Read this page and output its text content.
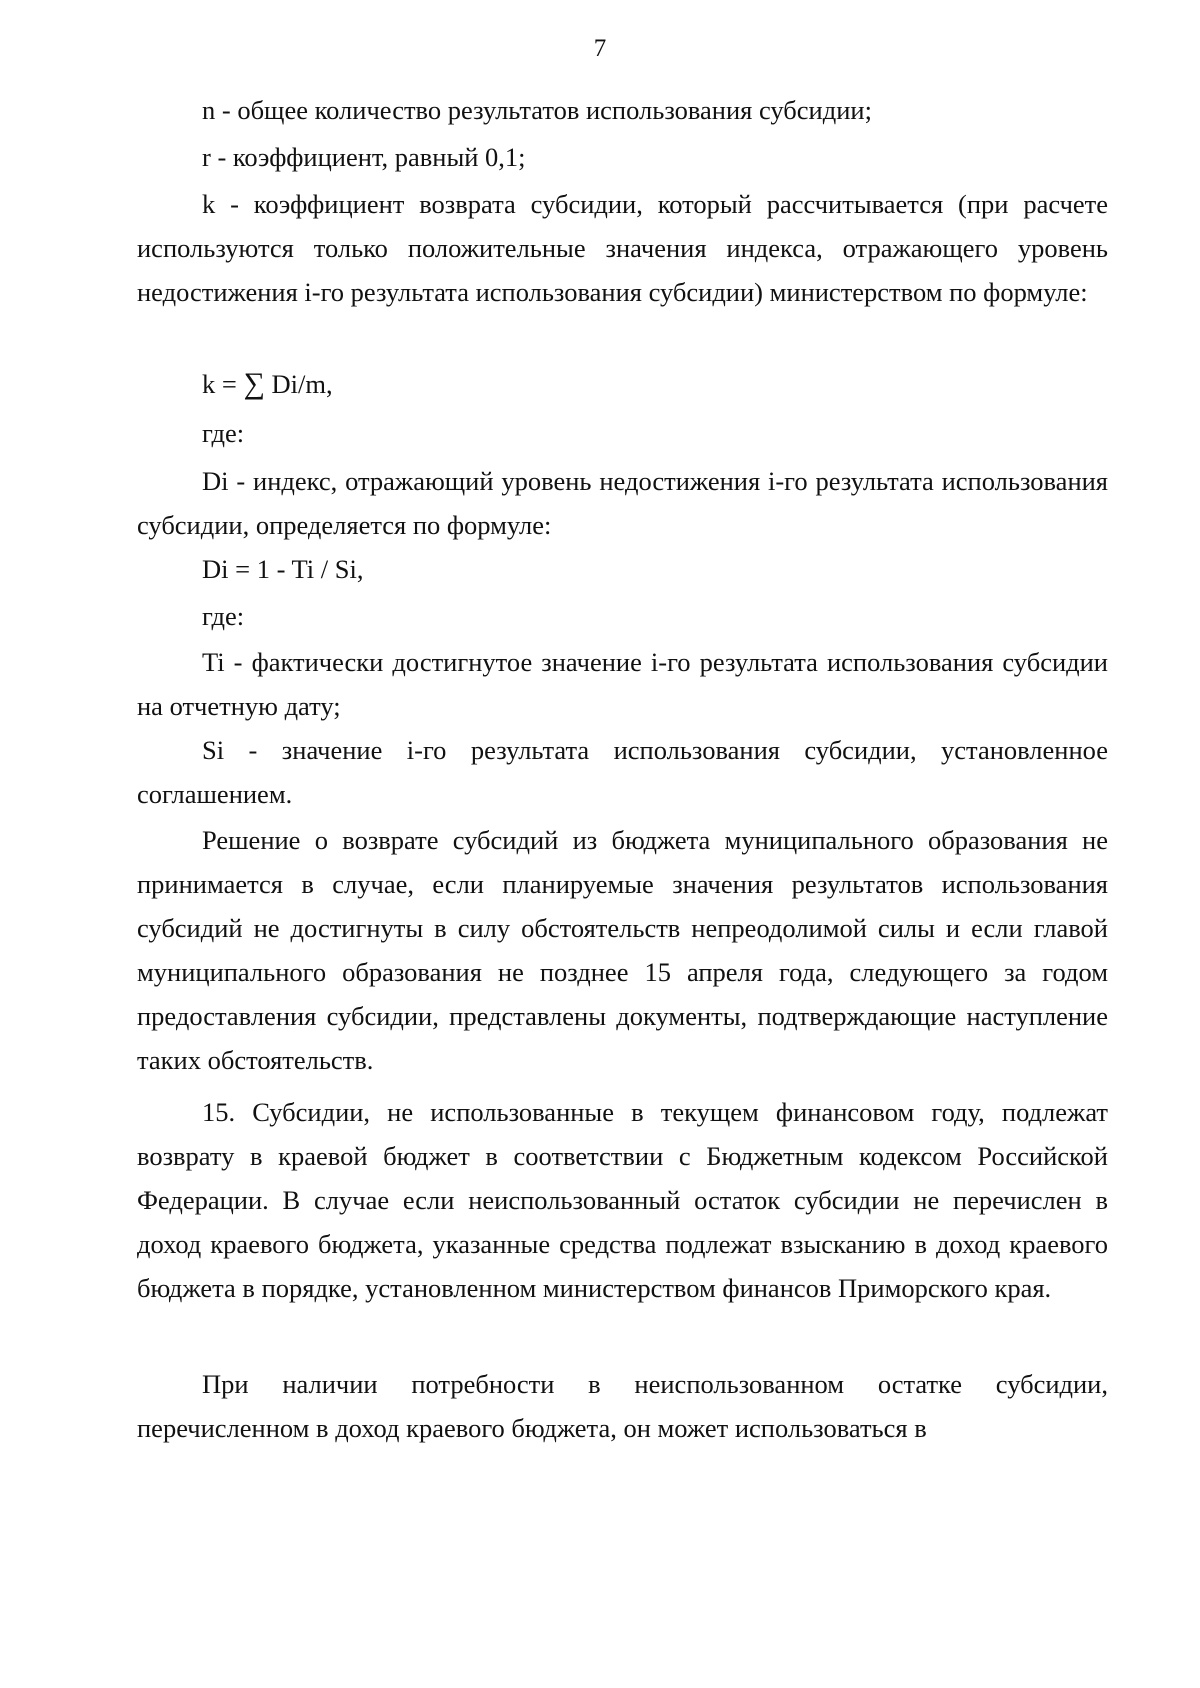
7

n - общее количество результатов использования субсидии;

r - коэффициент, равный 0,1;

k - коэффициент возврата субсидии, который рассчитывается (при расчете используются только положительные значения индекса, отражающего уровень недостижения i-го результата использования субсидии) министерством по формуле:

k = ∑ Di/m,

где:

Di - индекс, отражающий уровень недостижения i-го результата использования субсидии, определяется по формуле:

Di = 1 - Ti / Si,

где:

Ti - фактически достигнутое значение i-го результата использования субсидии на отчетную дату;

Si - значение i-го результата использования субсидии, установленное соглашением.

Решение о возврате субсидий из бюджета муниципального образования не принимается в случае, если планируемые значения результатов использования субсидий не достигнуты в силу обстоятельств непреодолимой силы и если главой муниципального образования не позднее 15 апреля года, следующего за годом предоставления субсидии, представлены документы, подтверждающие наступление таких обстоятельств.

15. Субсидии, не использованные в текущем финансовом году, подлежат возврату в краевой бюджет в соответствии с Бюджетным кодексом Российской Федерации. В случае если неиспользованный остаток субсидии не перечислен в доход краевого бюджета, указанные средства подлежат взысканию в доход краевого бюджета в порядке, установленном министерством финансов Приморского края.

При наличии потребности в неиспользованном остатке субсидии, перечисленном в доход краевого бюджета, он может использоваться в
